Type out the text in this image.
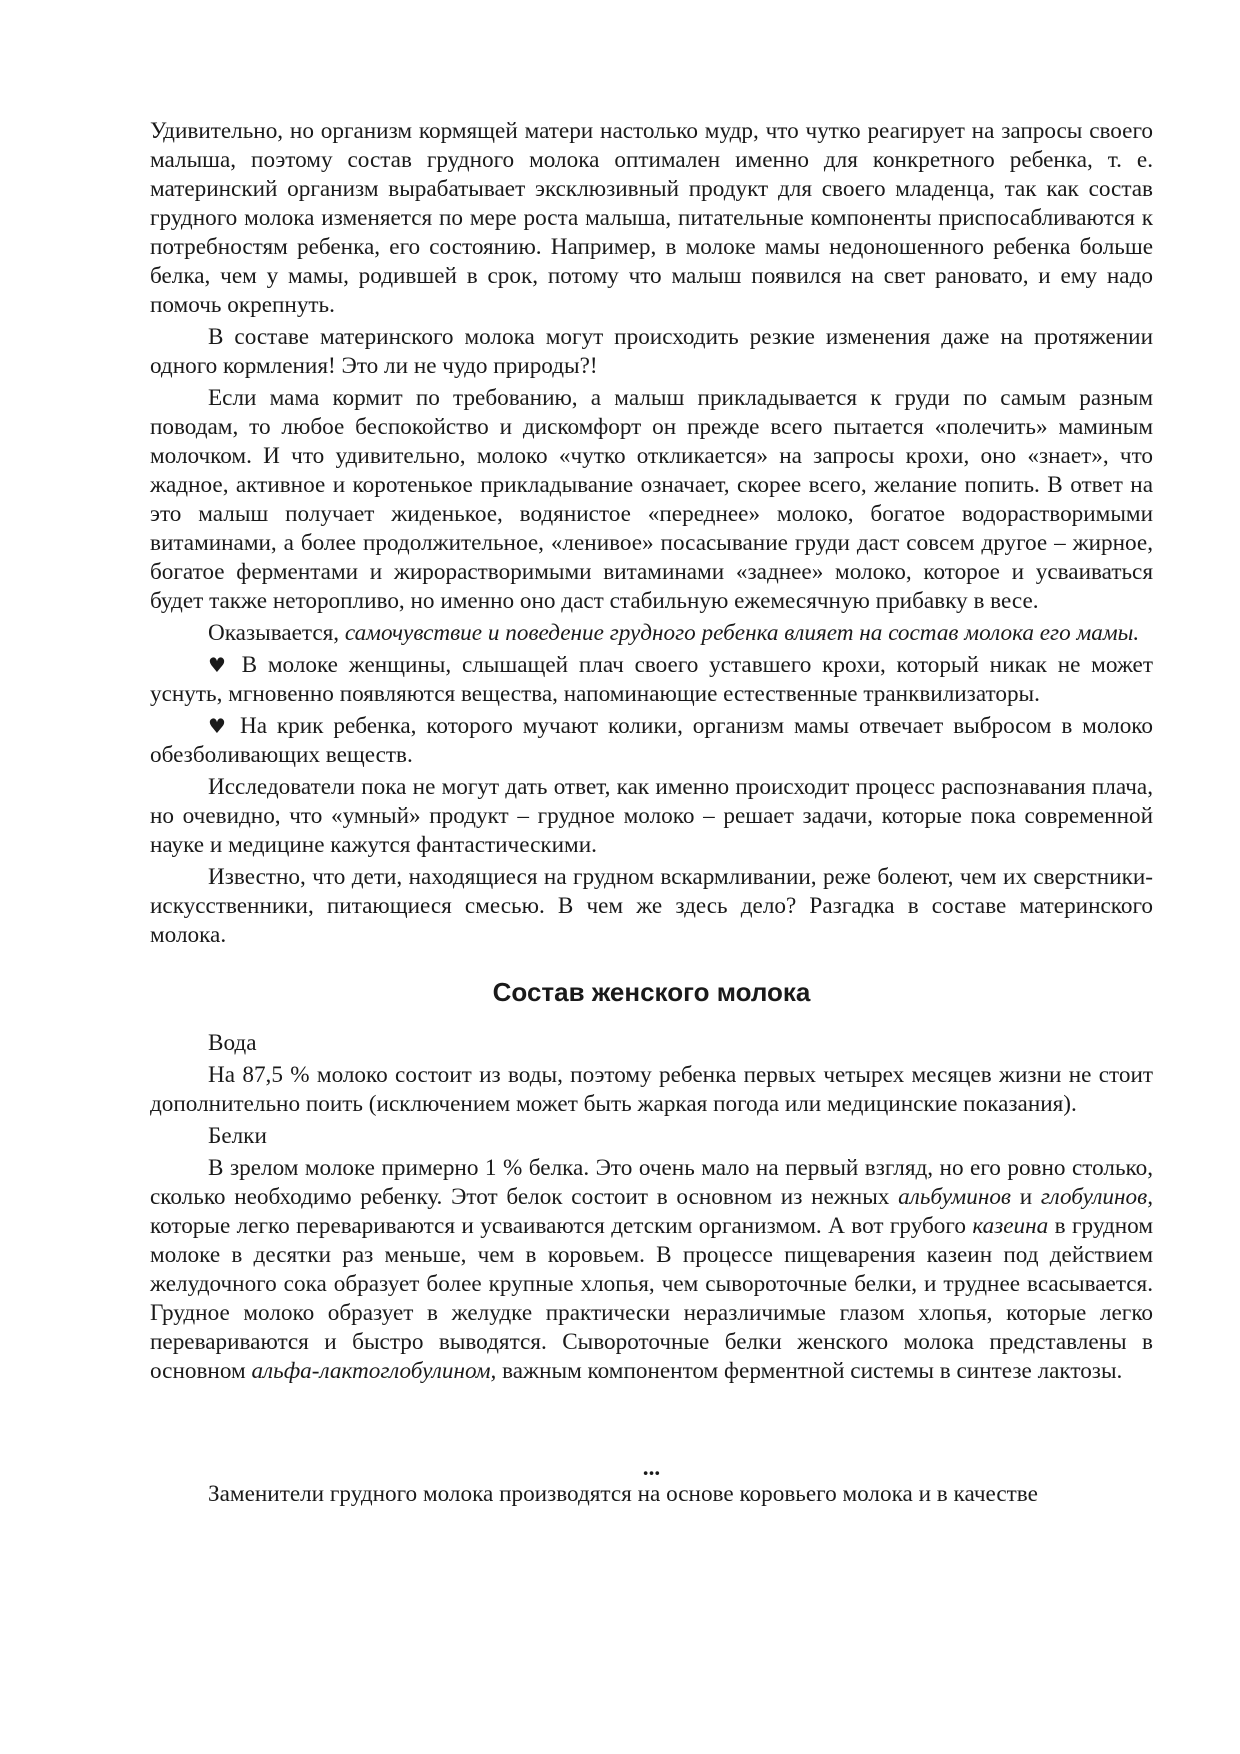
Удивительно, но организм кормящей матери настолько мудр, что чутко реагирует на запросы своего малыша, поэтому состав грудного молока оптимален именно для конкретного ребенка, т. е. материнский организм вырабатывает эксклюзивный продукт для своего младенца, так как состав грудного молока изменяется по мере роста малыша, питательные компоненты приспосабливаются к потребностям ребенка, его состоянию. Например, в молоке мамы недоношенного ребенка больше белка, чем у мамы, родившей в срок, потому что малыш появился на свет рановато, и ему надо помочь окрепнуть.

В составе материнского молока могут происходить резкие изменения даже на протяжении одного кормления! Это ли не чудо природы?!

Если мама кормит по требованию, а малыш прикладывается к груди по самым разным поводам, то любое беспокойство и дискомфорт он прежде всего пытается «полечить» маминым молочком. И что удивительно, молоко «чутко откликается» на запросы крохи, оно «знает», что жадное, активное и коротенькое прикладывание означает, скорее всего, желание попить. В ответ на это малыш получает жиденькое, водянистое «переднее» молоко, богатое водорастворимыми витаминами, а более продолжительное, «ленивое» посасывание груди даст совсем другое – жирное, богатое ферментами и жирорастворимыми витаминами «заднее» молоко, которое и усваиваться будет также неторопливо, но именно оно даст стабильную ежемесячную прибавку в весе.

Оказывается, самочувствие и поведение грудного ребенка влияет на состав молока его мамы.

♥ В молоке женщины, слышащей плач своего уставшего крохи, который никак не может уснуть, мгновенно появляются вещества, напоминающие естественные транквилизаторы.

♥ На крик ребенка, которого мучают колики, организм мамы отвечает выбросом в молоко обезболивающих веществ.

Исследователи пока не могут дать ответ, как именно происходит процесс распознавания плача, но очевидно, что «умный» продукт – грудное молоко – решает задачи, которые пока современной науке и медицине кажутся фантастическими.

Известно, что дети, находящиеся на грудном вскармливании, реже болеют, чем их сверстники-искусственники, питающиеся смесью. В чем же здесь дело? Разгадка в составе материнского молока.

Состав женского молока

Вода

На 87,5 % молоко состоит из воды, поэтому ребенка первых четырех месяцев жизни не стоит дополнительно поить (исключением может быть жаркая погода или медицинские показания).

Белки

В зрелом молоке примерно 1 % белка. Это очень мало на первый взгляд, но его ровно столько, сколько необходимо ребенку. Этот белок состоит в основном из нежных альбуминов и глобулинов, которые легко перевариваются и усваиваются детским организмом. А вот грубого казеина в грудном молоке в десятки раз меньше, чем в коровьем. В процессе пищеварения казеин под действием желудочного сока образует более крупные хлопья, чем сывороточные белки, и труднее всасывается. Грудное молоко образует в желудке практически неразличимые глазом хлопья, которые легко перевариваются и быстро выводятся. Сывороточные белки женского молока представлены в основном альфа-лактоглобулином, важным компонентом ферментной системы в синтезе лактозы.

...

Заменители грудного молока производятся на основе коровьего молока и в качестве
